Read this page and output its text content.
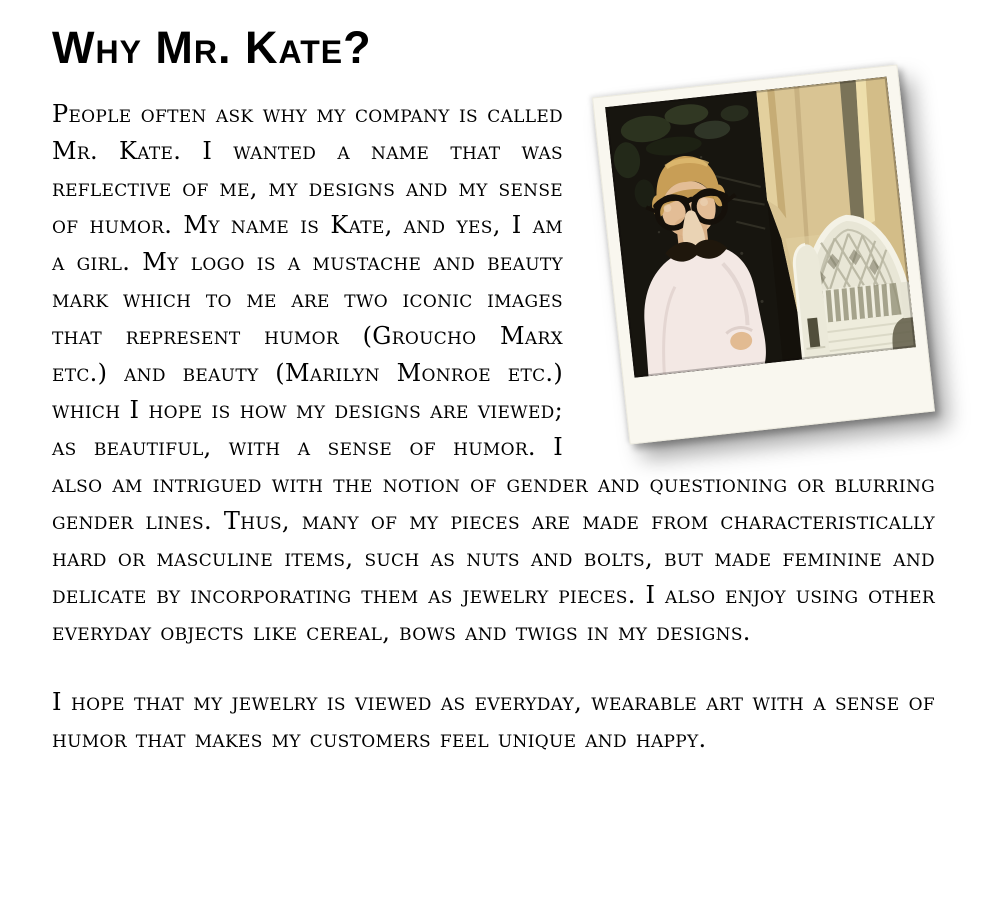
Why Mr. Kate?

People often ask why my company is called Mr. Kate. I wanted a name that was reflective of me, my designs and my sense of humor. My name is Kate, and yes, I am a girl. My logo is a mustache and beauty mark which to me are two iconic images that represent humor (Groucho Marx etc.) and beauty (Marilyn Monroe etc.) which I hope is how my designs are viewed; as beautiful, with a sense of humor. I also am intrigued with the notion of gender and questioning or blurring gender lines. Thus, many of my pieces are made from characteristically hard or masculine items, such as nuts and bolts, but made feminine and delicate by incorporating them as jewelry pieces. I also enjoy using other everyday objects like cereal, bows and twigs in my designs.

I hope that my jewelry is viewed as everyday, wearable art with a sense of humor that makes my customers feel unique and happy.
